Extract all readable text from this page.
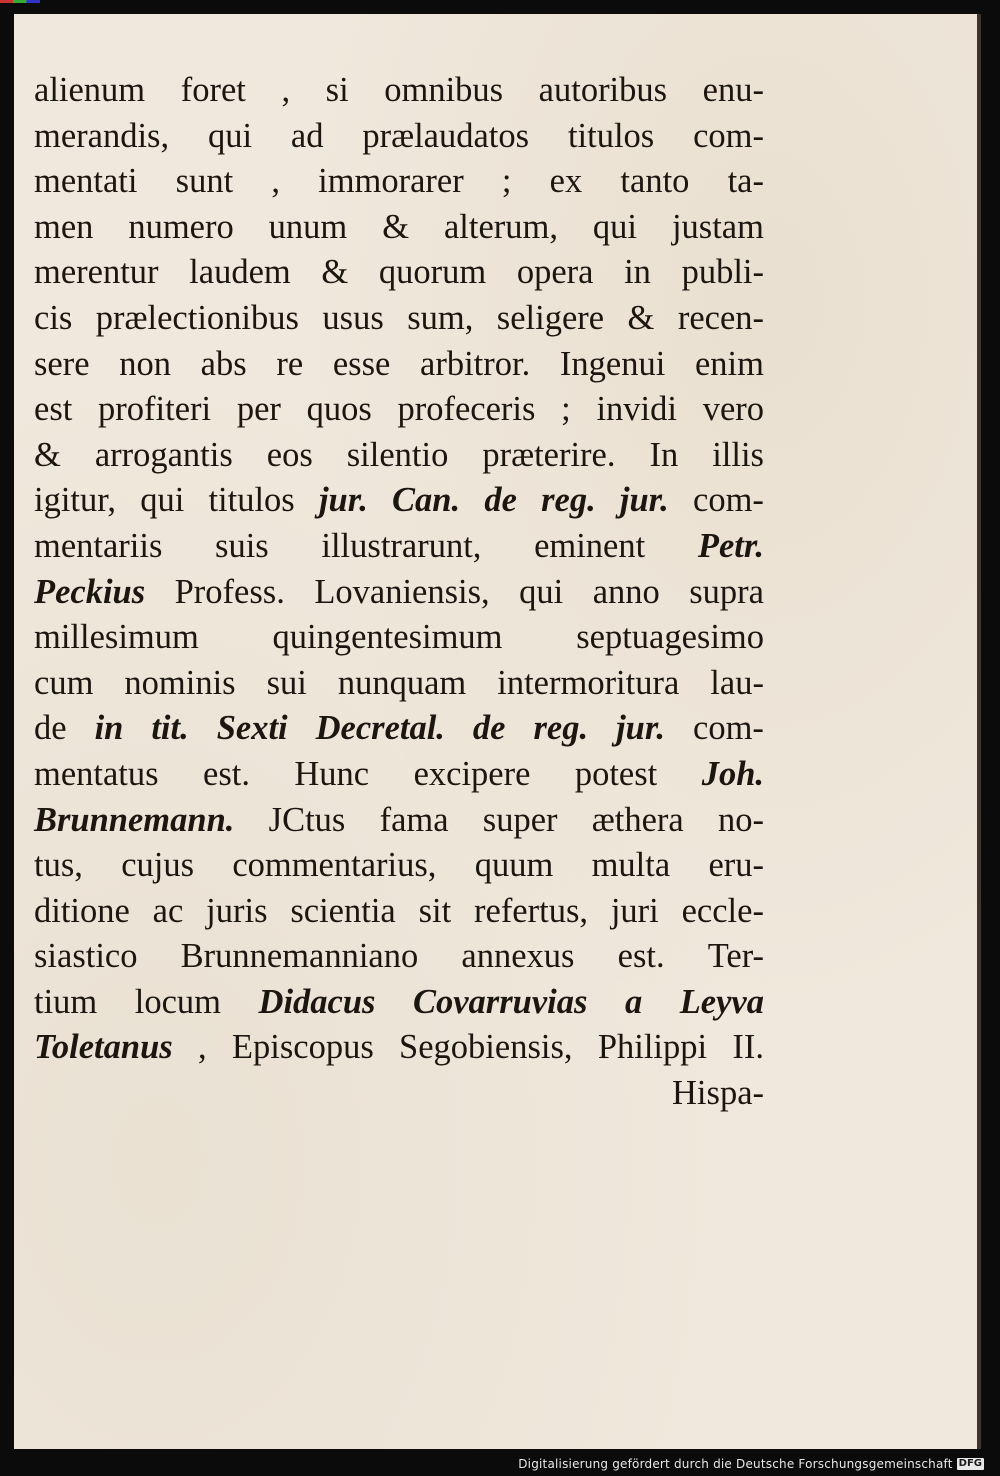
alienum foret , si omnibus autoribus enu-
merandis, qui ad prælaudatos titulos com-
mentati sunt , immorarer ; ex tanto ta-
men numero unum & alterum, qui justam
merentur laudem & quorum opera in publi-
cis prælectionibus usus sum, seligere & recen-
sere non abs re esse arbitror. Ingenui enim
est profiteri per quos profeceris ; invidi vero
& arrogantis eos silentio præterire. In illis
igitur, qui titulos jur. Can. de reg. jur. com-
mentariis suis illustrarunt, eminent Petr.
Peckius Profess. Lovaniensis, qui anno supra
millesimum quingentesimum septuagesimo
cum nominis sui nunquam intermoritura lau-
de in tit. Sexti Decretal. de reg. jur. com-
mentatus est. Hunc excipere potest Joh.
Brunnemann. JCtus fama super æthera no-
tus, cujus commentarius, quum multa eru-
ditione ac juris scientia sit refertus, juri eccle-
siastico Brunnemanniano annexus est. Ter-
tium locum Didacus Covarruvias a Leyva
Toletanus , Episcopus Segobiensis, Philippi II.
Hispa-
Digitalisierung gefördert durch die Deutsche Forschungsgemeinschaft DFG
